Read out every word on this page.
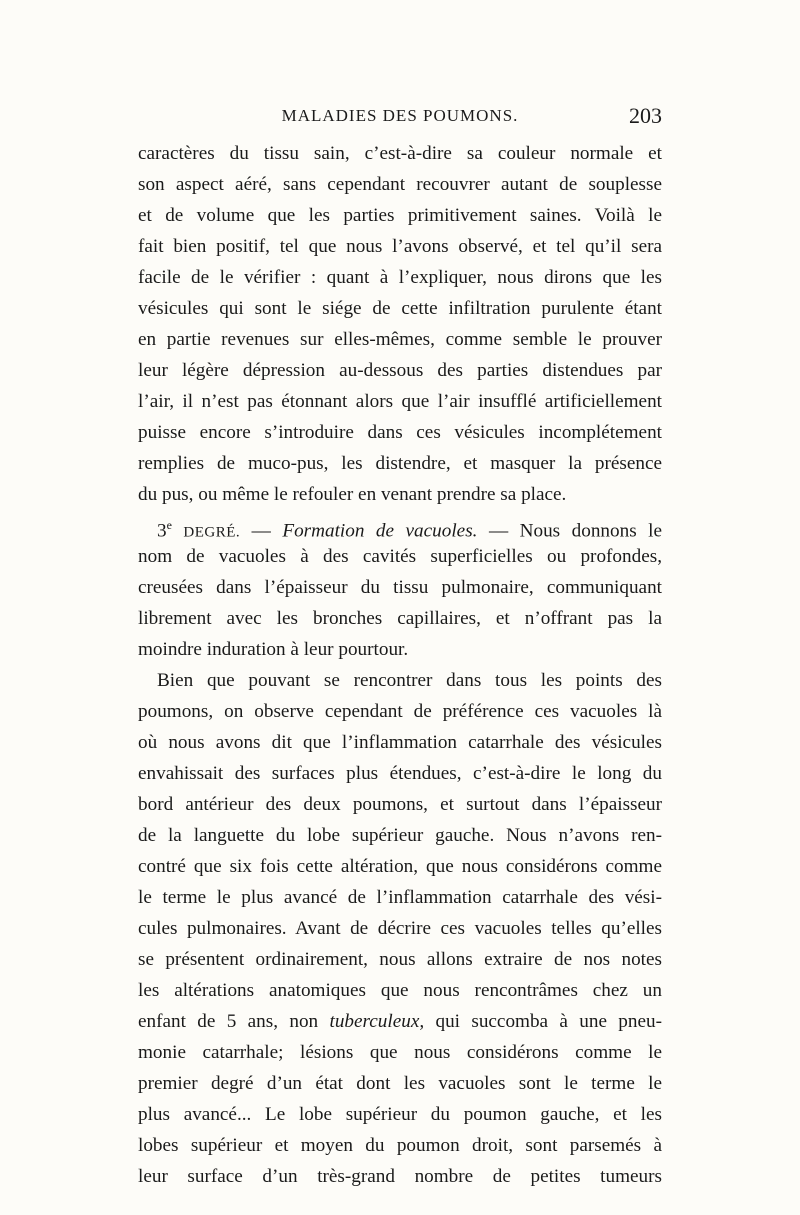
MALADIES DES POUMONS.	203
caractères du tissu sain, c’est-à-dire sa couleur normale et
son aspect aéré, sans cependant recouvrer autant de souplesse
et de volume que les parties primitivement saines. Voilà le
fait bien positif, tel que nous l’avons observé, et tel qu’il sera
facile de le vérifier : quant à l’expliquer, nous dirons que les
vésicules qui sont le siége de cette infiltration purulente étant
en partie revenues sur elles-mêmes, comme semble le prouver
leur légère dépression au-dessous des parties distendues par
l’air, il n’est pas étonnant alors que l’air insufflé artificiellement
puisse encore s’introduire dans ces vésicules incomplétement
remplies de muco-pus, les distendre, et masquer la présence
du pus, ou même le refouler en venant prendre sa place.
3e DEGRÉ. — Formation de vacuoles. — Nous donnons le
nom de vacuoles à des cavités superficielles ou profondes,
creusées dans l’épaisseur du tissu pulmonaire, communiquant
librement avec les bronches capillaires, et n’offrant pas la
moindre induration à leur pourtour.
Bien que pouvant se rencontrer dans tous les points des
poumons, on observe cependant de préférence ces vacuoles là
où nous avons dit que l’inflammation catarrhale des vésicules
envahissait des surfaces plus étendues, c’est-à-dire le long du
bord antérieur des deux poumons, et surtout dans l’épaisseur
de la languette du lobe supérieur gauche. Nous n’avons ren-
contré que six fois cette altération, que nous considérons comme
le terme le plus avancé de l’inflammation catarrhale des vési-
cules pulmonaires. Avant de décrire ces vacuoles telles qu’elles
se présentent ordinairement, nous allons extraire de nos notes
les altérations anatomiques que nous rencontrâmes chez un
enfant de 5 ans, non tuberculeux, qui succomba à une pneu-
monie catarrhale; lésions que nous considérons comme le
premier degré d’un état dont les vacuoles sont le terme le
plus avancé... Le lobe supérieur du poumon gauche, et les
lobes supérieur et moyen du poumon droit, sont parsemés à
leur surface d’un très-grand nombre de petites tumeurs
